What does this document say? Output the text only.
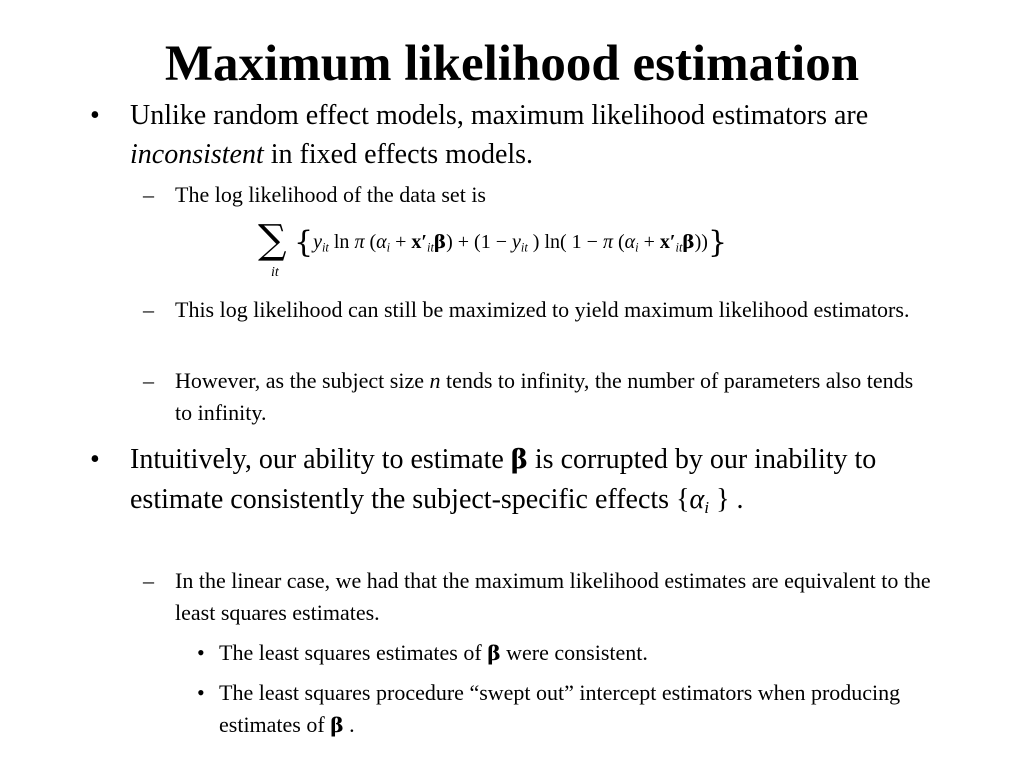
Maximum likelihood estimation
• Unlike random effect models, maximum likelihood estimators are inconsistent in fixed effects models.
– The log likelihood of the data set is
∑
it
{$y_{it}$ ln π $(\alpha_i + x'_{it}\beta) + (1 - y_{it}$ ) ln( 1 − π $(\alpha_i + x'_{it}\beta)$)}
– This log likelihood can still be maximized to yield maximum likelihood estimators.
– However, as the subject size n tends to infinity, the number of parameters also tends to infinity.
• Intuitively, our ability to estimate β is corrupted by our inability to estimate consistently the subject-specific effects {$\alpha_i$ } .
– In the linear case, we had that the maximum likelihood estimates are equivalent to the least squares estimates.
• The least squares estimates of β were consistent.
• The least squares procedure “swept out” intercept estimators when producing estimates of β .
